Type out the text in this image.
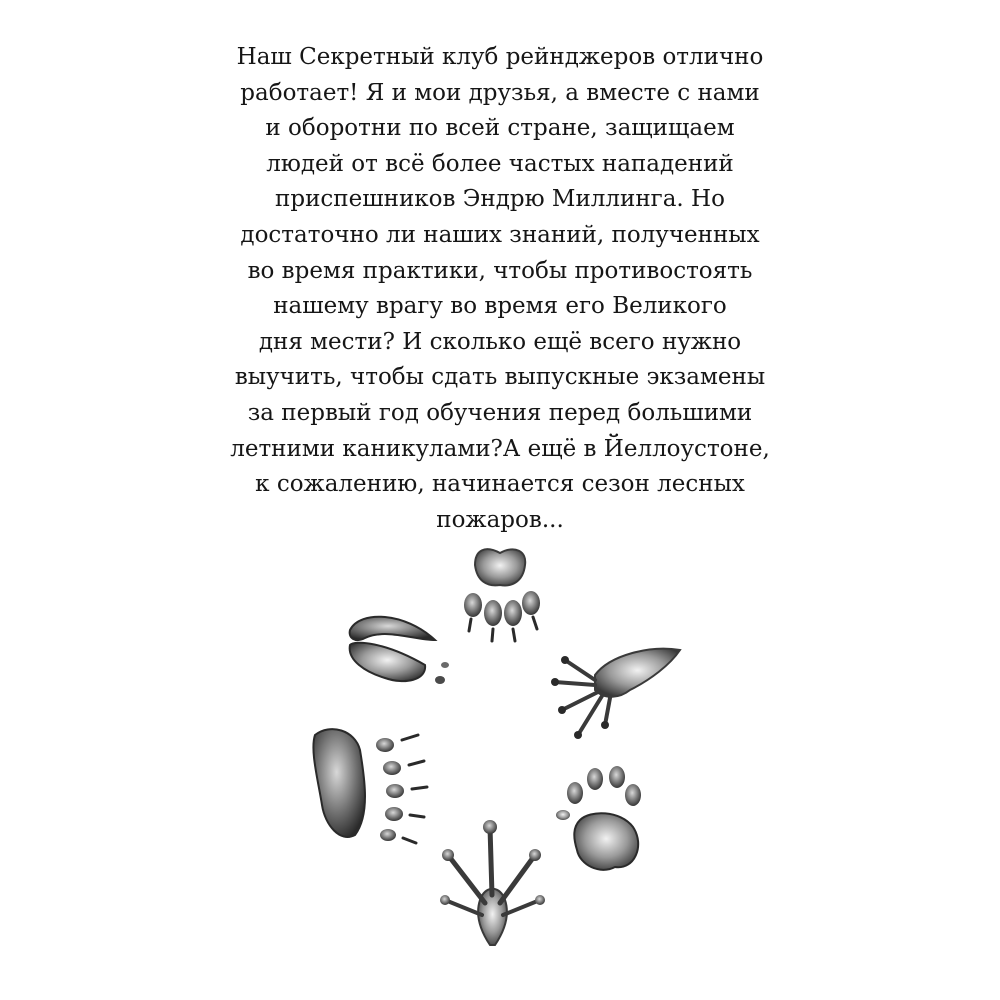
Наш Секретный клуб рейнджеров отлично
работает! Я и мои друзья, а вместе с нами
и оборотни по всей стране, защищаем
людей от всё более частых нападений
приспешников Эндрю Миллинга. Но
достаточно ли наших знаний, полученных
во время практики, чтобы противостоять
нашему врагу во время его Великого
дня мести? И сколько ещё всего нужно
выучить, чтобы сдать выпускные экзамены
за первый год обучения перед большими
летними каникулами?А ещё в Йеллоустоне,
к сожалению, начинается сезон лесных
пожаров...
